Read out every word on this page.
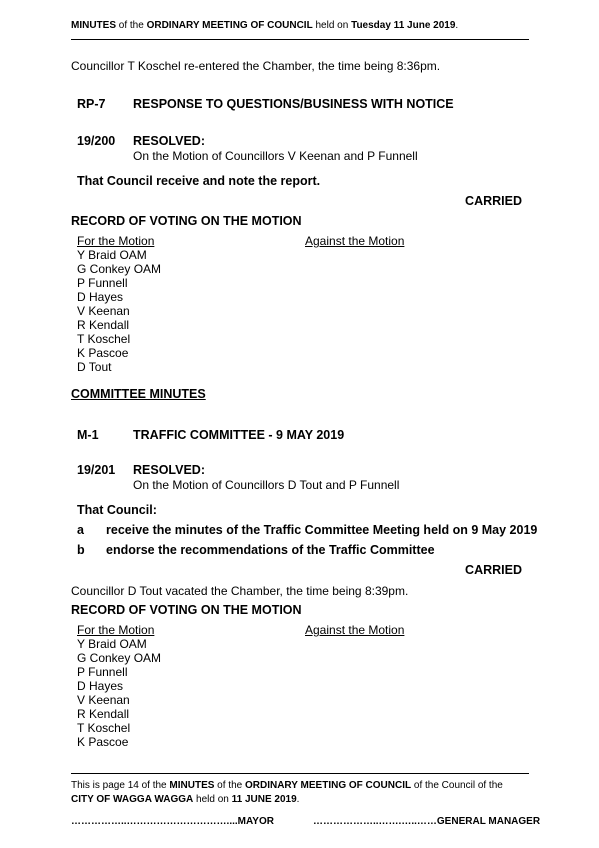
MINUTES of the ORDINARY MEETING OF COUNCIL held on Tuesday 11 June 2019.
Councillor T Koschel re-entered the Chamber, the time being 8:36pm.
RP-7 RESPONSE TO QUESTIONS/BUSINESS WITH NOTICE
19/200 RESOLVED:
On the Motion of Councillors V Keenan and P Funnell
That Council receive and note the report.
CARRIED
RECORD OF VOTING ON THE MOTION
For the Motion	Against the Motion
Y Braid OAM
G Conkey OAM
P Funnell
D Hayes
V Keenan
R Kendall
T Koschel
K Pascoe
D Tout
COMMITTEE MINUTES
M-1	TRAFFIC COMMITTEE - 9 MAY 2019
19/201 RESOLVED:
On the Motion of Councillors D Tout and P Funnell
That Council:
a receive the minutes of the Traffic Committee Meeting held on 9 May 2019
b endorse the recommendations of the Traffic Committee
CARRIED
Councillor D Tout vacated the Chamber, the time being 8:39pm.
RECORD OF VOTING ON THE MOTION
For the Motion	Against the Motion
Y Braid OAM
G Conkey OAM
P Funnell
D Hayes
V Keenan
R Kendall
T Koschel
K Pascoe
This is page 14 of the MINUTES of the ORDINARY MEETING OF COUNCIL of the Council of the
CITY OF WAGGA WAGGA held on 11 JUNE 2019.
……………..…………………………....MAYOR	………………..…….…..……GENERAL MANAGER
